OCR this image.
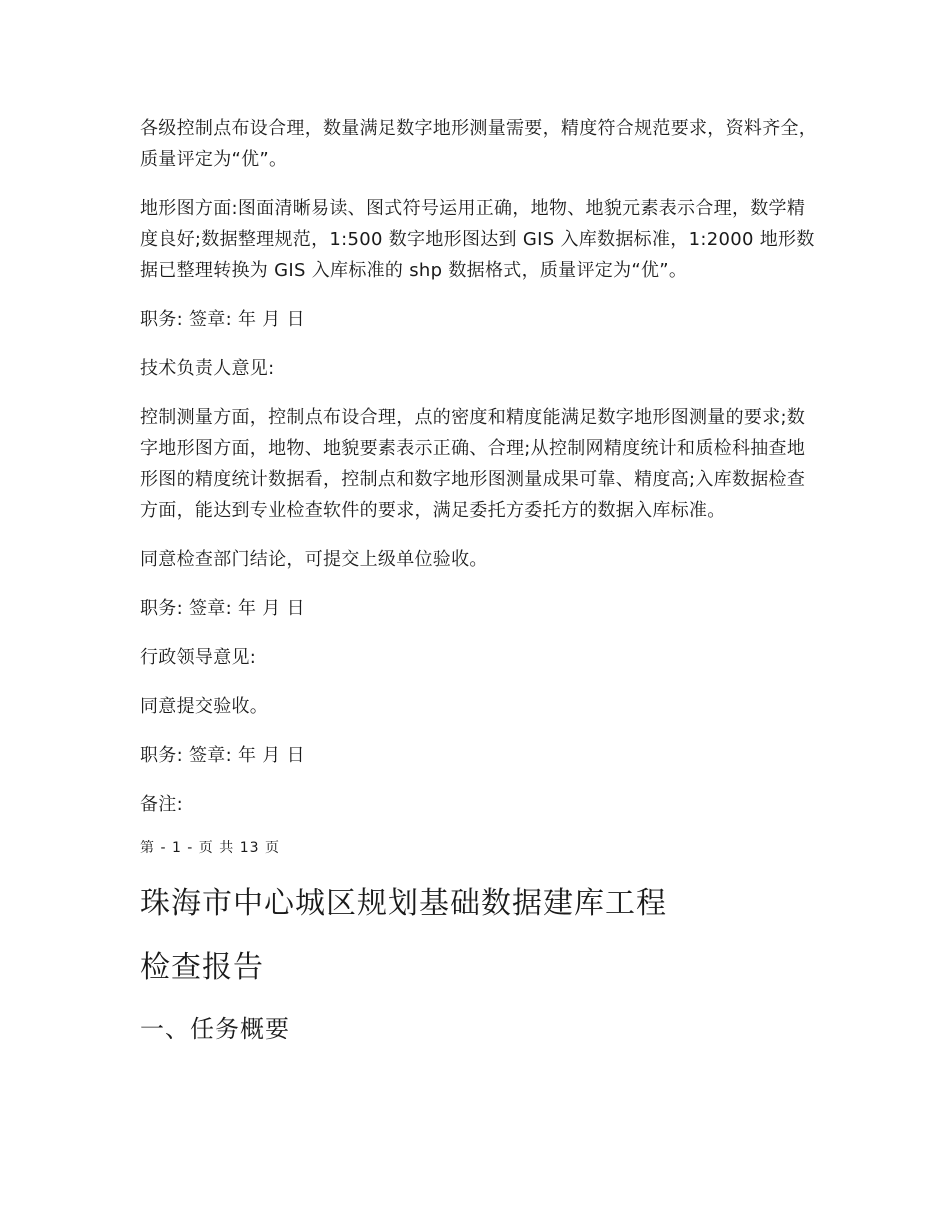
各级控制点布设合理，数量满足数字地形测量需要，精度符合规范要求，资料齐全，质量评定为“优”。

地形图方面:图面清晰易读、图式符号运用正确，地物、地貌元素表示合理，数学精度良好;数据整理规范，1:500 数字地形图达到 GIS 入库数据标准，1:2000 地形数据已整理转换为 GIS 入库标准的 shp 数据格式，质量评定为“优”。

职务: 签章: 年 月 日

技术负责人意见:

控制测量方面，控制点布设合理，点的密度和精度能满足数字地形图测量的要求;数字地形图方面，地物、地貌要素表示正确、合理;从控制网精度统计和质检科抽查地形图的精度统计数据看，控制点和数字地形图测量成果可靠、精度高;入库数据检查方面，能达到专业检查软件的要求，满足委托方委托方的数据入库标准。

同意检查部门结论，可提交上级单位验收。

职务: 签章: 年 月 日

行政领导意见:

同意提交验收。

职务: 签章: 年 月 日

备注:

第 - 1 - 页 共 13 页
珠海市中心城区规划基础数据建库工程
检查报告
一、任务概要
